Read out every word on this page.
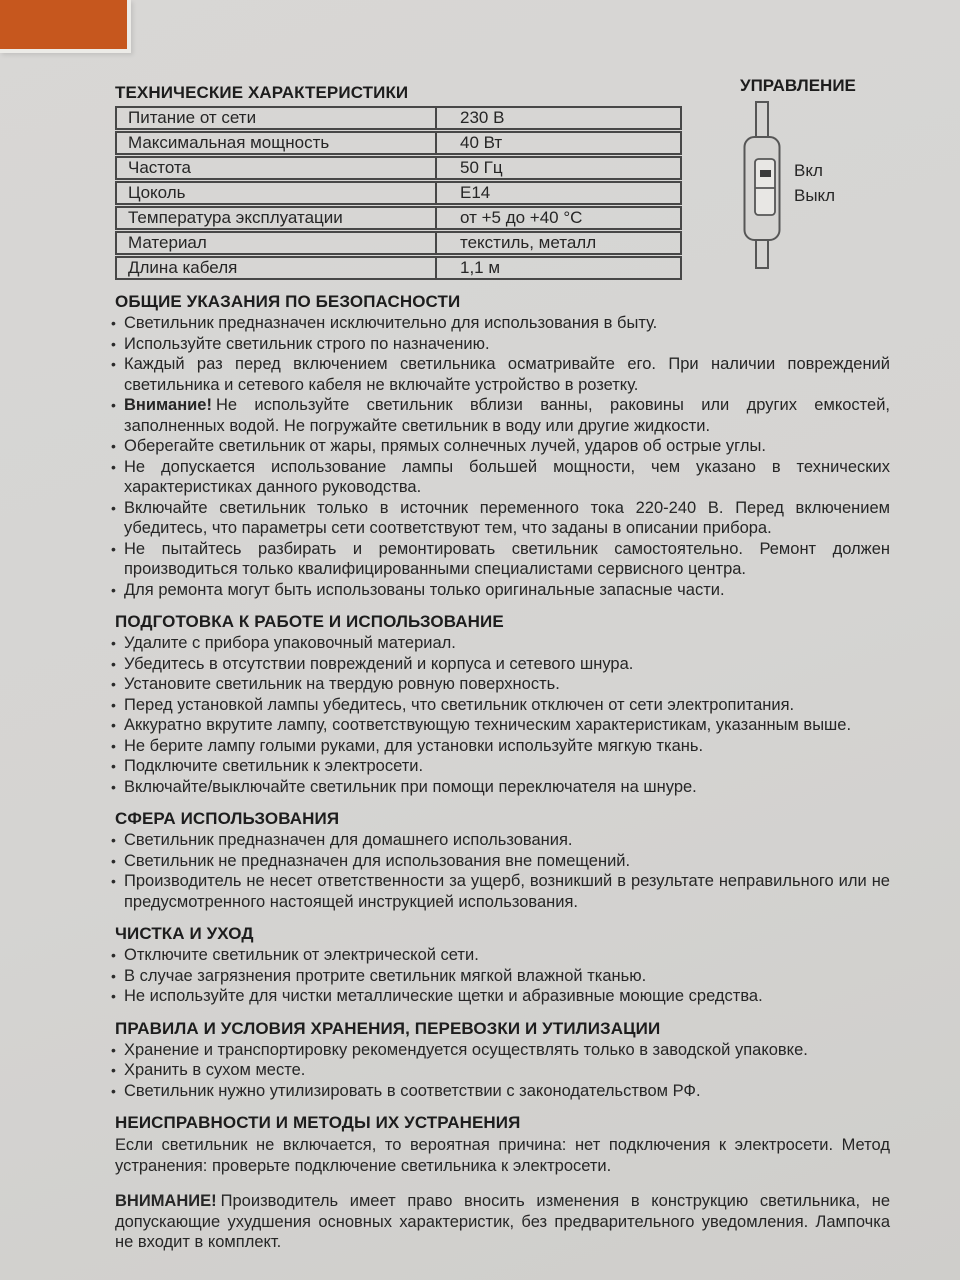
УПРАВЛЕНИЕ
Вкл
Выкл
ТЕХНИЧЕСКИЕ ХАРАКТЕРИСТИКИ
Питание от сети	230 В
Максимальная мощность	40 Вт
Частота	50 Гц
Цоколь	E14
Температура эксплуатации	от +5 до +40 °C
Материал	текстиль, металл
Длина кабеля	1,1 м
ОБЩИЕ УКАЗАНИЯ ПО БЕЗОПАСНОСТИ
• Светильник предназначен исключительно для использования в быту.
• Используйте светильник строго по назначению.
• Каждый раз перед включением светильника осматривайте его. При наличии повреждений светильника и сетевого кабеля не включайте устройство в розетку.
• Внимание! Не используйте светильник вблизи ванны, раковины или других емкостей, заполненных водой. Не погружайте светильник в воду или другие жидкости.
• Оберегайте светильник от жары, прямых солнечных лучей, ударов об острые углы.
• Не допускается использование лампы большей мощности, чем указано в технических характеристиках данного руководства.
• Включайте светильник только в источник переменного тока 220-240 В. Перед включением убедитесь, что параметры сети соответствуют тем, что заданы в описании прибора.
• Не пытайтесь разбирать и ремонтировать светильник самостоятельно. Ремонт должен производиться только квалифицированными специалистами сервисного центра.
• Для ремонта могут быть использованы только оригинальные запасные части.
ПОДГОТОВКА К РАБОТЕ И ИСПОЛЬЗОВАНИЕ
• Удалите с прибора упаковочный материал.
• Убедитесь в отсутствии повреждений и корпуса и сетевого шнура.
• Установите светильник на твердую ровную поверхность.
• Перед установкой лампы убедитесь, что светильник отключен от сети электропитания.
• Аккуратно вкрутите лампу, соответствующую техническим характеристикам, указанным выше.
• Не берите лампу голыми руками, для установки используйте мягкую ткань.
• Подключите светильник к электросети.
• Включайте/выключайте светильник при помощи переключателя на шнуре.
СФЕРА ИСПОЛЬЗОВАНИЯ
• Светильник предназначен для домашнего использования.
• Светильник не предназначен для использования вне помещений.
• Производитель не несет ответственности за ущерб, возникший в результате неправильного или не предусмотренного настоящей инструкцией использования.
ЧИСТКА И УХОД
• Отключите светильник от электрической сети.
• В случае загрязнения протрите светильник мягкой влажной тканью.
• Не используйте для чистки металлические щетки и абразивные моющие средства.
ПРАВИЛА И УСЛОВИЯ ХРАНЕНИЯ, ПЕРЕВОЗКИ И УТИЛИЗАЦИИ
• Хранение и транспортировку рекомендуется осуществлять только в заводской упаковке.
• Хранить в сухом месте.
• Светильник нужно утилизировать в соответствии с законодательством РФ.
НЕИСПРАВНОСТИ И МЕТОДЫ ИХ УСТРАНЕНИЯ

Если светильник не включается, то вероятная причина: нет подключения к электросети. Метод устранения: проверьте подключение светильника к электросети.

ВНИМАНИЕ! Производитель имеет право вносить изменения в конструкцию светильника, не допускающие ухудшения основных характеристик, без предварительного уведомления. Лампочка не входит в комплект.
